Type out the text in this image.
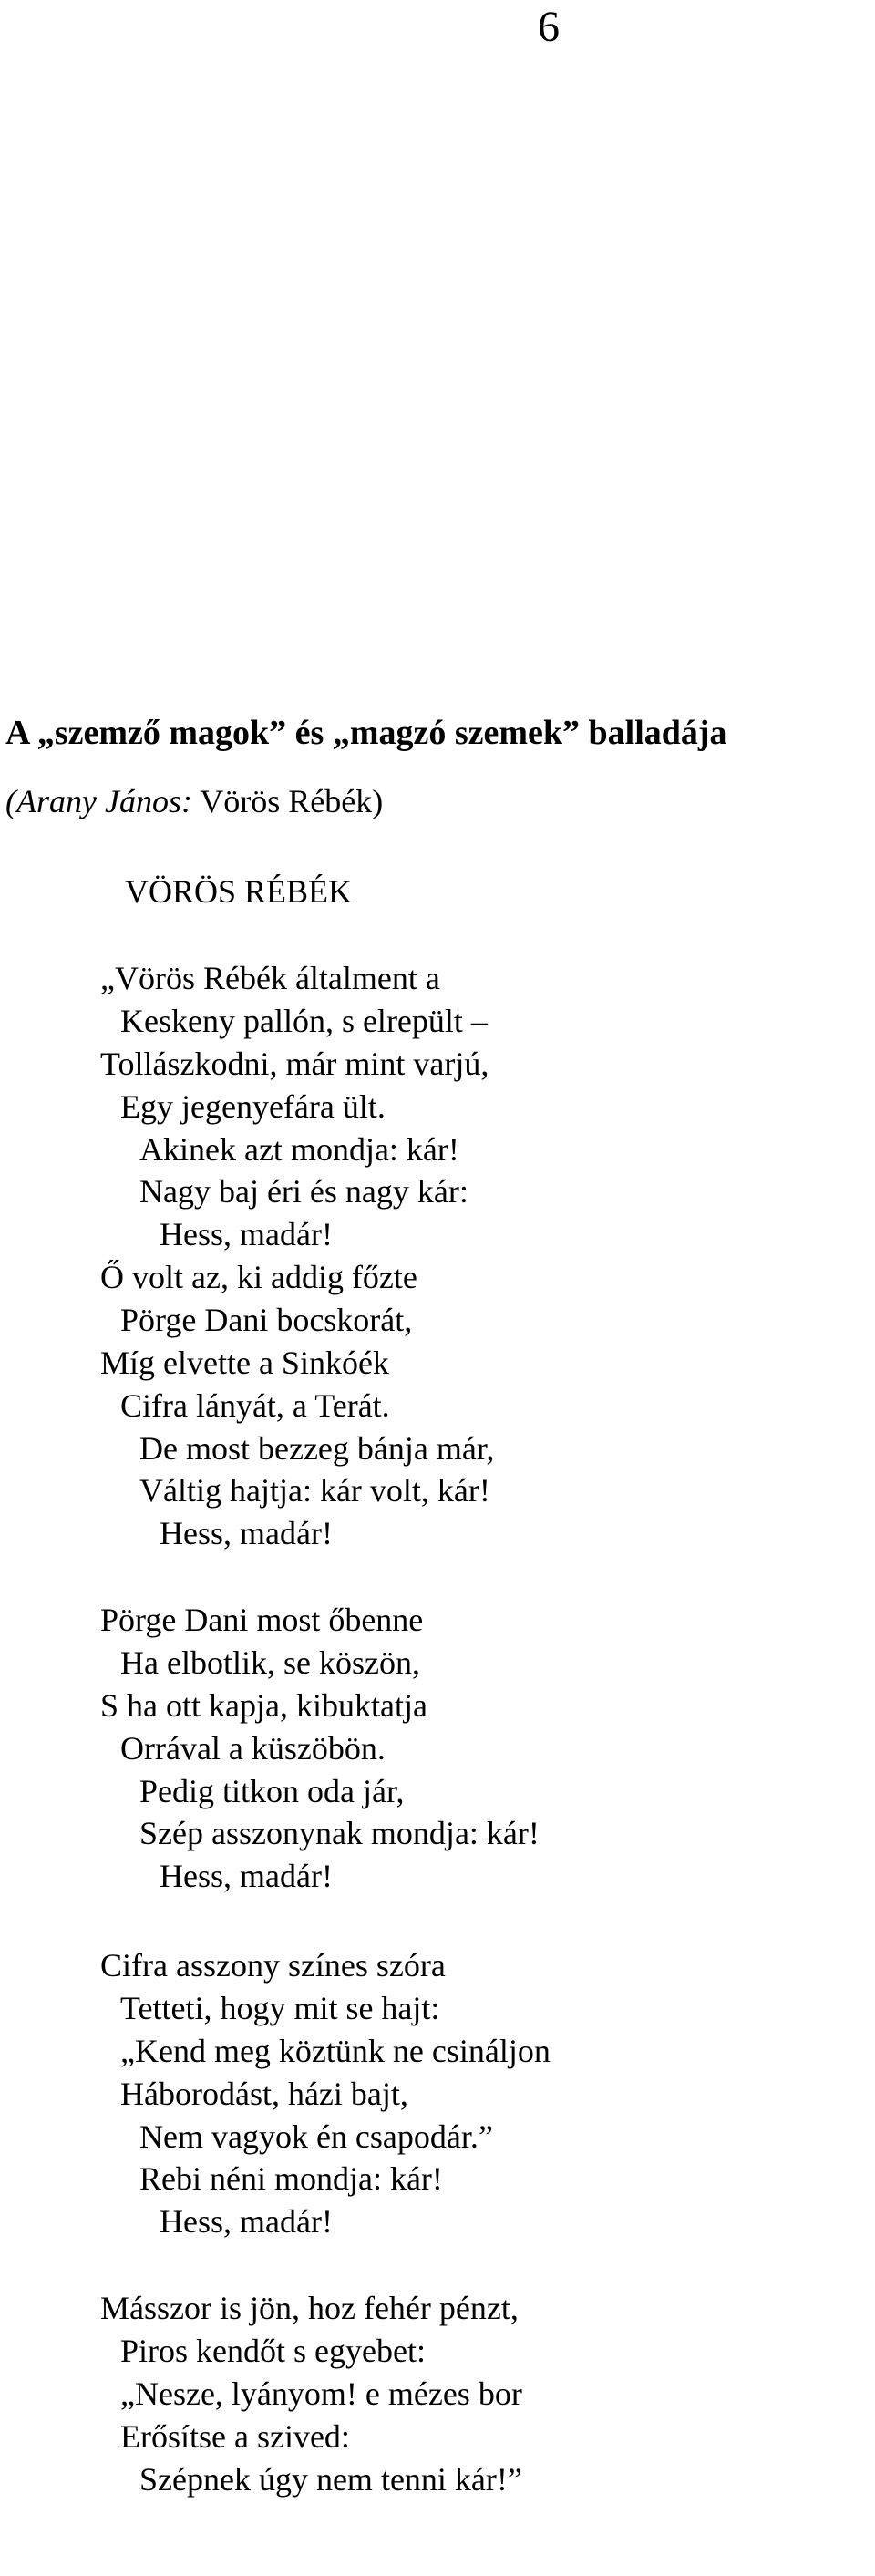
6
A „szemző magok” és „magzó szemek” balladája
(Arany János: Vörös Rébék)
VÖRÖS RÉBÉK
„Vörös Rébék általment a
Keskeny pallón, s elrepült –
Tollászkodni, már mint varjú,
Egy jegenyefára ült.
Akinek azt mondja: kár!
Nagy baj éri és nagy kár:
Hess, madár!
Ő volt az, ki addig főzte
Pörge Dani bocskorát,
Míg elvette a Sinkóék
Cifra lányát, a Terát.
De most bezzeg bánja már,
Váltig hajtja: kár volt, kár!
Hess, madár!
Pörge Dani most őbenne
Ha elbotlik, se köszön,
S ha ott kapja, kibuktatja
Orrával a küszöbön.
Pedig titkon oda jár,
Szép asszonynak mondja: kár!
Hess, madár!
Cifra asszony színes szóra
Tetteti, hogy mit se hajt:
„Kend meg köztünk ne csináljon
Háborodást, házi bajt,
Nem vagyok én csapodár.”
Rebi néni mondja: kár!
Hess, madár!
Másszor is jön, hoz fehér pénzt,
Piros kendőt s egyebet:
„Nesze, lyányom! e mézes bor
Erősítse a szived:
Szépnek úgy nem tenni kár!”
